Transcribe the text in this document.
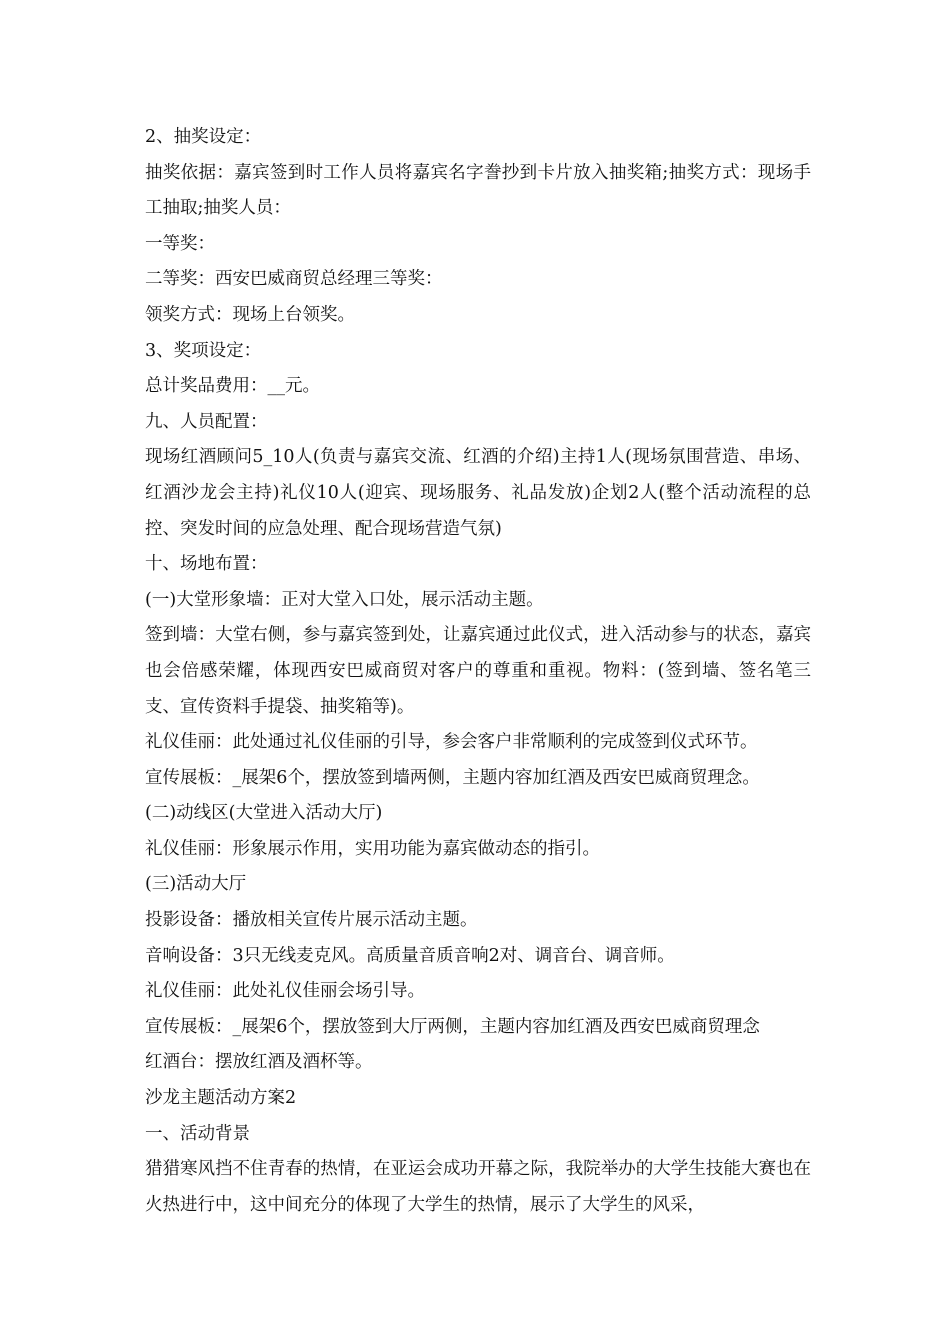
2、抽奖设定：

抽奖依据：嘉宾签到时工作人员将嘉宾名字誊抄到卡片放入抽奖箱;抽奖方式：现场手工抽取;抽奖人员：

一等奖：

二等奖：西安巴威商贸总经理三等奖：

领奖方式：现场上台领奖。

3、奖项设定：

总计奖品费用：__元。

九、人员配置：

现场红酒顾问5_10人(负责与嘉宾交流、红酒的介绍)主持1人(现场氛围营造、串场、红酒沙龙会主持)礼仪10人(迎宾、现场服务、礼品发放)企划2人(整个活动流程的总控、突发时间的应急处理、配合现场营造气氛)

十、场地布置：

(一)大堂形象墙：正对大堂入口处，展示活动主题。

签到墙：大堂右侧，参与嘉宾签到处，让嘉宾通过此仪式，进入活动参与的状态，嘉宾也会倍感荣耀，体现西安巴威商贸对客户的尊重和重视。物料：(签到墙、签名笔三支、宣传资料手提袋、抽奖箱等)。

礼仪佳丽：此处通过礼仪佳丽的引导，参会客户非常顺利的完成签到仪式环节。

宣传展板：_展架6个，摆放签到墙两侧，主题内容加红酒及西安巴威商贸理念。

(二)动线区(大堂进入活动大厅)

礼仪佳丽：形象展示作用，实用功能为嘉宾做动态的指引。

(三)活动大厅

投影设备：播放相关宣传片展示活动主题。

音响设备：3只无线麦克风。高质量音质音响2对、调音台、调音师。

礼仪佳丽：此处礼仪佳丽会场引导。

宣传展板：_展架6个，摆放签到大厅两侧，主题内容加红酒及西安巴威商贸理念

红酒台：摆放红酒及酒杯等。

沙龙主题活动方案2

一、活动背景

猎猎寒风挡不住青春的热情，在亚运会成功开幕之际，我院举办的大学生技能大赛也在火热进行中，这中间充分的体现了大学生的热情，展示了大学生的风采，
